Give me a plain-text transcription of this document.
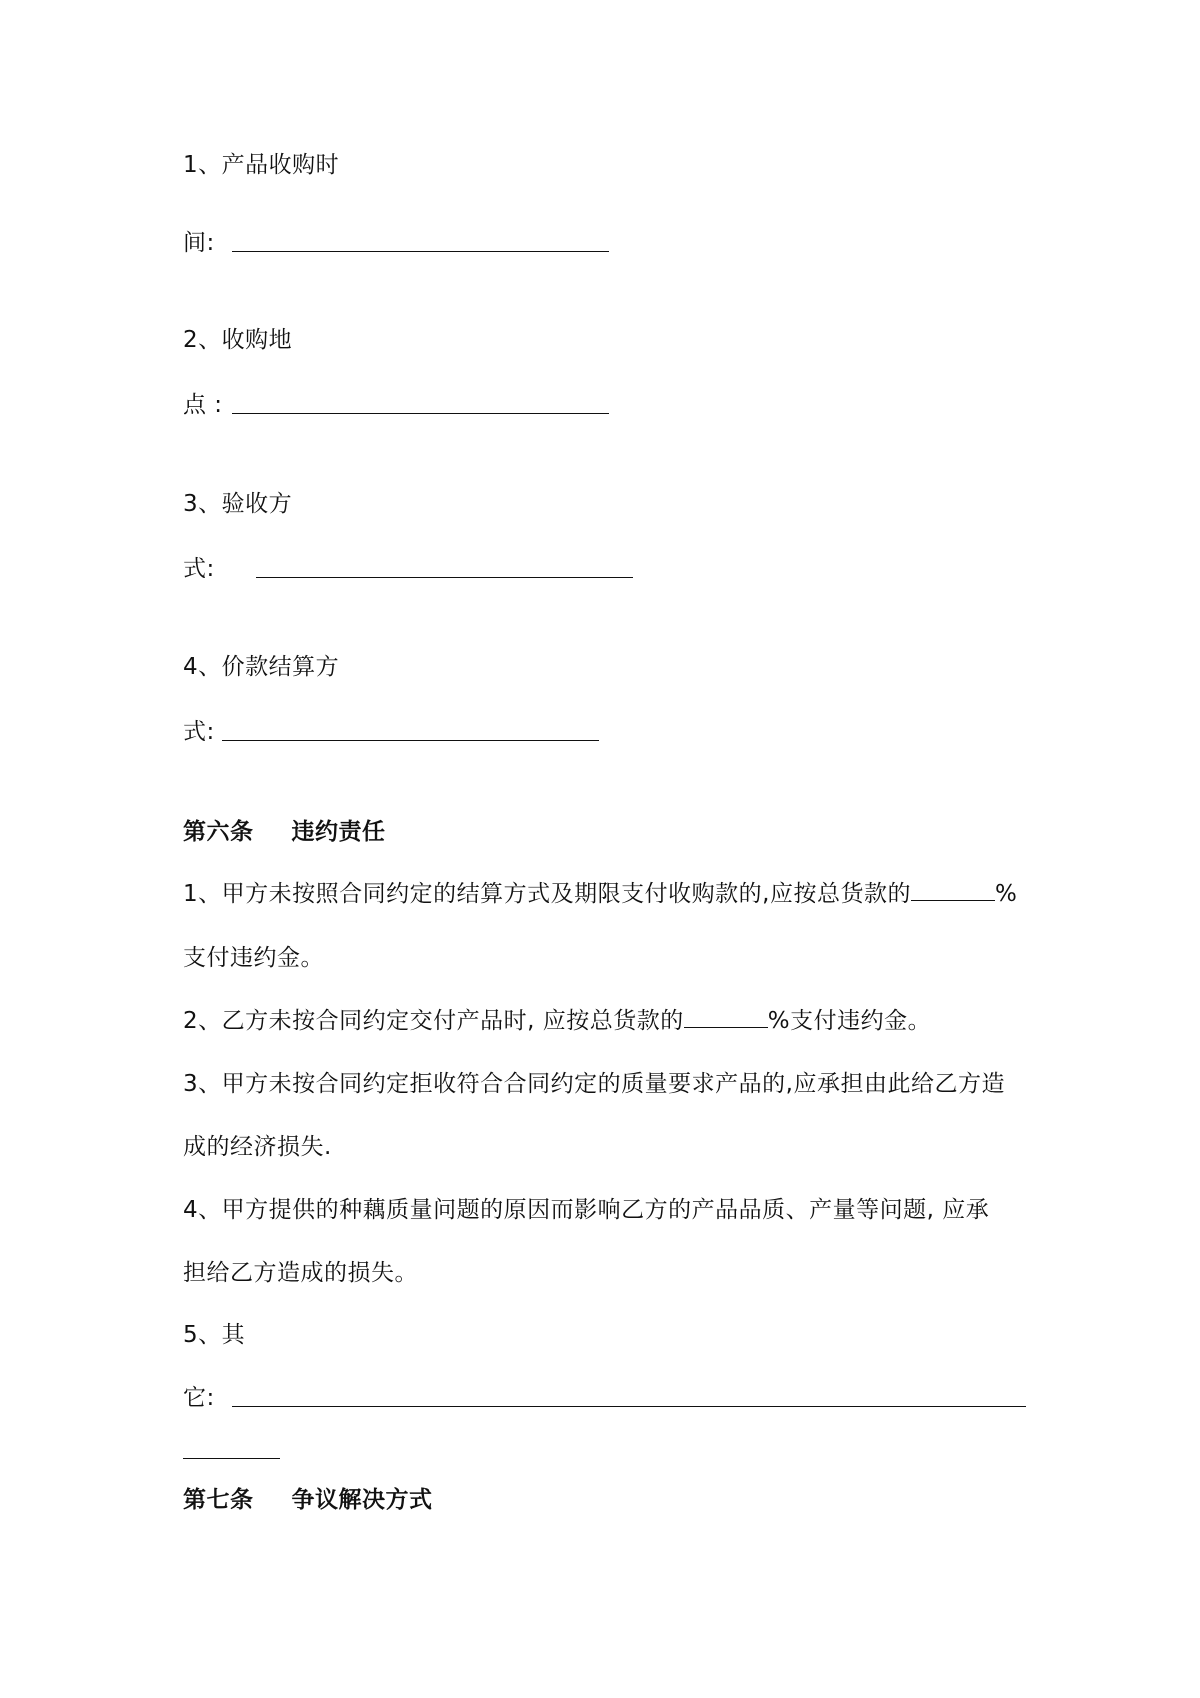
1、产品收购时
间:
2、收购地
点 :
3、验收方
式:
4、价款结算方
式:
第六条 违约责任
1、甲方未按照合同约定的结算方式及期限支付收购款的,应按总货款的	%
支付违约金。
2、乙方未按合同约定交付产品时, 应按总货款的	%支付违约金。
3、甲方未按合同约定拒收符合合同约定的质量要求产品的,应承担由此给乙方造
成的经济损失.
4、甲方提供的种藕质量问题的原因而影响乙方的产品品质、产量等问题, 应承
担给乙方造成的损失。
5、其
它:
第七条 争议解决方式
